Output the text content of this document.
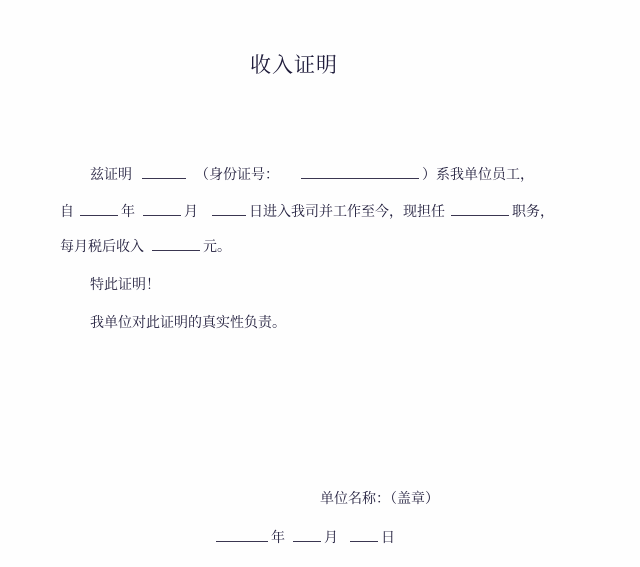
收入证明
兹证明	（身份证号：	）系我单位员工，
自	年	月	日进入我司并工作至今，现担任	职务，
每月税后收入	元。
特此证明！
我单位对此证明的真实性负责。
单位名称：（盖章）
年	月	日
